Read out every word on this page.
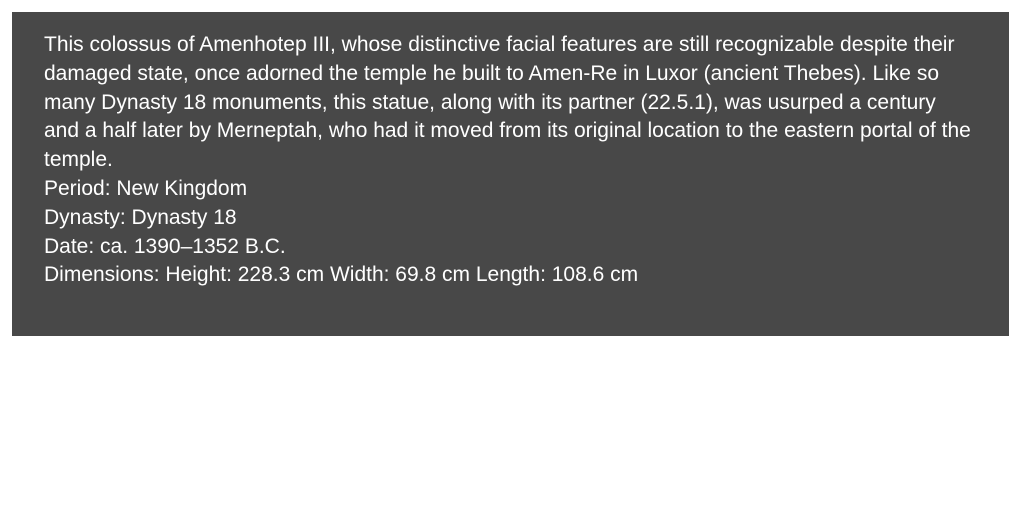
This colossus of Amenhotep III, whose distinctive facial features are still recognizable despite their damaged state, once adorned the temple he built to Amen-Re in Luxor (ancient Thebes). Like so many Dynasty 18 monuments, this statue, along with its partner (22.5.1), was usurped a century and a half later by Merneptah, who had it moved from its original location to the eastern portal of the temple.

Period: New Kingdom

Dynasty: Dynasty 18

Date: ca. 1390–1352 B.C.

Dimensions: Height: 228.3 cm Width: 69.8 cm Length: 108.6 cm
